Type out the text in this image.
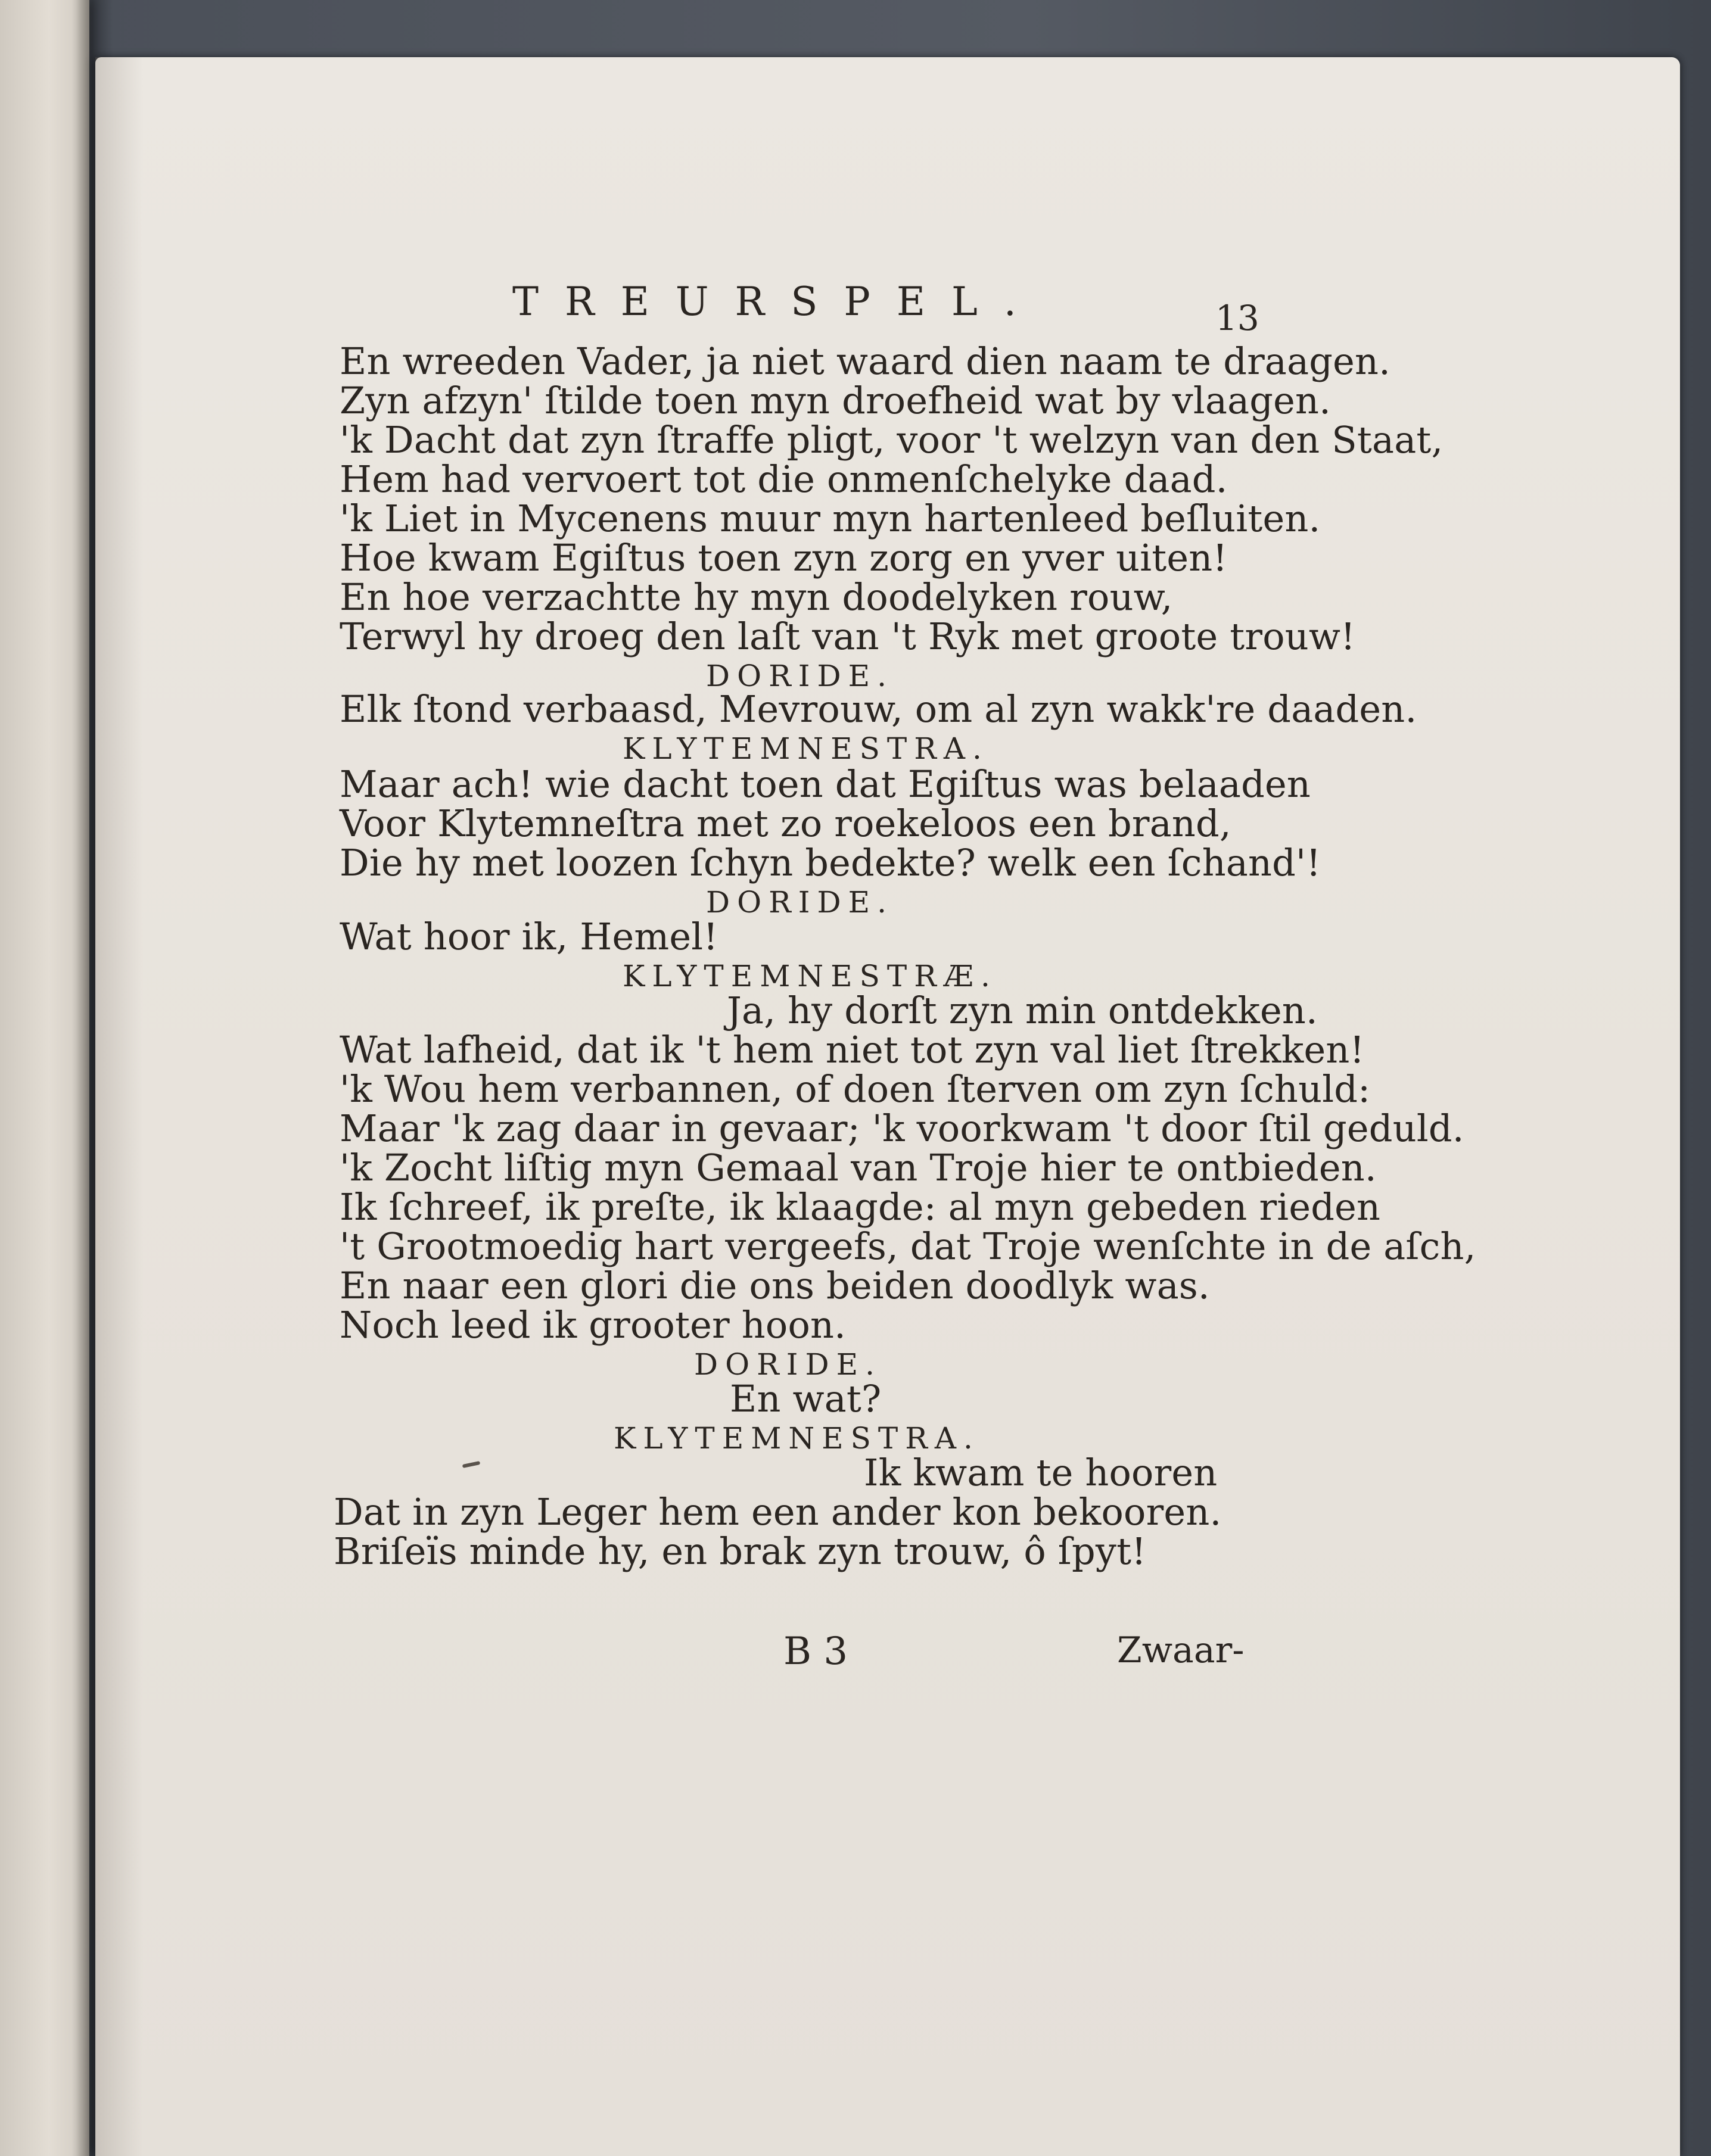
TREURSPEL.	13
En wreeden Vader, ja niet waard dien naam te draagen.
Zyn afzyn' ſtilde toen myn droefheid wat by vlaagen.
'k Dacht dat zyn ſtraffe pligt, voor 't welzyn van den Staat,
Hem had vervoert tot die onmenſchelyke daad.
'k Liet in Mycenens muur myn hartenleed beſluiten.
Hoe kwam Egiſtus toen zyn zorg en yver uiten!
En hoe verzachtte hy myn doodelyken rouw,
Terwyl hy droeg den laſt van 't Ryk met groote trouw!
DORIDE.
Elk ſtond verbaasd, Mevrouw, om al zyn wakk're daaden.
KLYTEMNESTRA.
Maar ach! wie dacht toen dat Egiſtus was belaaden
Voor Klytemneſtra met zo roekeloos een brand,
Die hy met loozen ſchyn bedekte? welk een ſchand'!
DORIDE.
Wat hoor ik, Hemel!
KLYTEMNESTRÆ.
Ja, hy dorſt zyn min ontdekken.
Wat lafheid, dat ik 't hem niet tot zyn val liet ſtrekken!
'k Wou hem verbannen, of doen ſterven om zyn ſchuld:
Maar 'k zag daar in gevaar; 'k voorkwam 't door ſtil geduld.
'k Zocht liſtig myn Gemaal van Troje hier te ontbieden.
Ik ſchreef, ik preſte, ik klaagde: al myn gebeden rieden
't Grootmoedig hart vergeefs, dat Troje wenſchte in de aſch,
En naar een glori die ons beiden doodlyk was.
Noch leed ik grooter hoon.
DORIDE.
En wat?
KLYTEMNESTRA.
Ik kwam te hooren
Dat in zyn Leger hem een ander kon bekooren.
Briſeïs minde hy, en brak zyn trouw, ô ſpyt!
B 3	Zwaar-
